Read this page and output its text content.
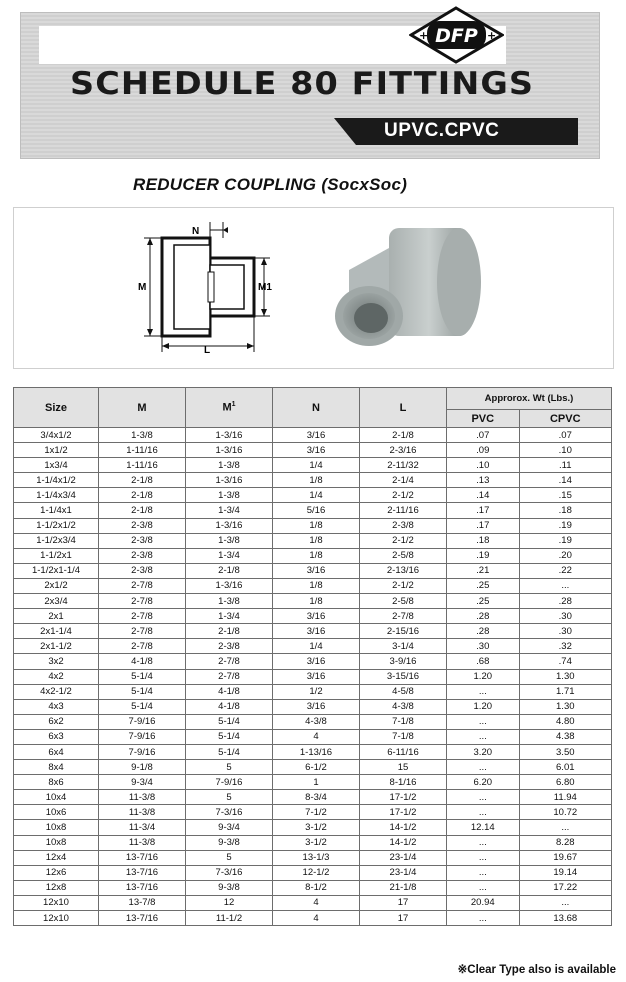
DFP
+	+
SCHEDULE 80 FITTINGS
UPVC.CPVC
REDUCER COUPLING (SocxSoc)
N
M	M1
L
Size	M	$M^1$	N	L	Approrox. Wt (Lbs.)	
					PVC	CPVC
3/4x1/2	1-3/8	1-3/16	3/16	2-1/8	.07	.07
1x1/2	1-11/16	1-3/16	3/16	2-3/16	.09	.10
1x3/4	1-11/16	1-3/8	1/4	2-11/32	.10	.11
1-1/4x1/2	2-1/8	1-3/16	1/8	2-1/4	.13	.14
1-1/4x3/4	2-1/8	1-3/8	1/4	2-1/2	.14	.15
1-1/4x1	2-1/8	1-3/4	5/16	2-11/16	.17	.18
1-1/2x1/2	2-3/8	1-3/16	1/8	2-3/8	.17	.19
1-1/2x3/4	2-3/8	1-3/8	1/8	2-1/2	.18	.19
1-1/2x1	2-3/8	1-3/4	1/8	2-5/8	.19	.20
1-1/2x1-1/4	2-3/8	2-1/8	3/16	2-13/16	.21	.22
2x1/2	2-7/8	1-3/16	1/8	2-1/2	.25	...
2x3/4	2-7/8	1-3/8	1/8	2-5/8	.25	.28
2x1	2-7/8	1-3/4	3/16	2-7/8	.28	.30
2x1-1/4	2-7/8	2-1/8	3/16	2-15/16	.28	.30
2x1-1/2	2-7/8	2-3/8	1/4	3-1/4	.30	.32
3x2	4-1/8	2-7/8	3/16	3-9/16	.68	.74
4x2	5-1/4	2-7/8	3/16	3-15/16	1.20	1.30
4x2-1/2	5-1/4	4-1/8	1/2	4-5/8	...	1.71
4x3	5-1/4	4-1/8	3/16	4-3/8	1.20	1.30
6x2	7-9/16	5-1/4	4-3/8	7-1/8	...	4.80
6x3	7-9/16	5-1/4	4	7-1/8	...	4.38
6x4	7-9/16	5-1/4	1-13/16	6-11/16	3.20	3.50
8x4	9-1/8	5	6-1/2	15	...	6.01
8x6	9-3/4	7-9/16	1	8-1/16	6.20	6.80
10x4	11-3/8	5	8-3/4	17-1/2	...	11.94
10x6	11-3/8	7-3/16	7-1/2	17-1/2	...	10.72
10x8	11-3/4	9-3/4	3-1/2	14-1/2	12.14	...
10x8	11-3/8	9-3/8	3-1/2	14-1/2	...	8.28
12x4	13-7/16	5	13-1/3	23-1/4	...	19.67
12x6	13-7/16	7-3/16	12-1/2	23-1/4	...	19.14
12x8	13-7/16	9-3/8	8-1/2	21-1/8	...	17.22
12x10	13-7/8	12	4	17	20.94	...
12x10	13-7/16	11-1/2	4	17	...	13.68
※Clear Type also is available
